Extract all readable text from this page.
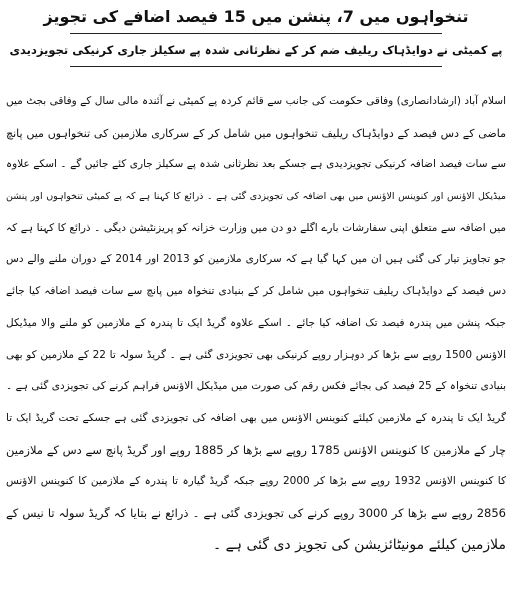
تنخواہوں میں 7، پنشن میں 15 فیصد اضافے کی تجویز
پے کمیٹی نے دوایڈہاک ریلیف ضم کر کے نظرثانی شدہ پے سکیلز جاری کرنیکی تجویزدیدی
اسلام آباد (ارشادانصاری) وفاقی حکومت کی جانب سے قائم کردہ پے کمیٹی نے آئندہ مالی سال کے وفاقی بجٹ میں
ماضی کے دس فیصد کے دوایڈہاک ریلیف تنخواہوں میں شامل کر کے سرکاری ملازمین کی تنخواہوں میں پانچ
سے سات فیصد اضافہ کرنیکی تجویزدیدی ہے جسکے بعد نظرثانی شدہ پے سکیلز جاری کئے جائیں گے ۔ اسکے علاوہ
میڈیکل الاؤنس اور کنوینس الاؤنس میں بھی اضافہ کی تجویزدی گئی ہے ۔ ذرائع کا کہنا ہے کہ پے کمیٹی تنخواہوں اور پنشن
میں اضافہ سے متعلق اپنی سفارشات بارے اگلے دو دن میں وزارت خزانہ کو پریزنٹیشن دیگی ۔ ذرائع کا کہنا ہے کہ
جو تجاویز تیار کی گئی ہیں ان میں کہا گیا ہے کہ سرکاری ملازمین کو 2013 اور 2014 کے دوران ملنے والے دس
دس فیصد کے دوایڈہاک ریلیف تنخواہوں میں شامل کر کے بنیادی تنخواہ میں پانچ سے سات فیصد اضافہ کیا جائے
جبکہ پنشن میں پندرہ فیصد تک اضافہ کیا جائے ۔ اسکے علاوہ گریڈ ایک تا پندرہ کے ملازمین کو ملنے والا میڈیکل
الاؤنس 1500 روپے سے بڑھا کر دوہزار روپے کرنیکی بھی تجویزدی گئی ہے ۔ گریڈ سولہ تا 22 کے ملازمین کو بھی
بنیادی تنخواہ کے 25 فیصد کی بجائے فکس رقم کی صورت میں میڈیکل الاؤنس فراہم کرنے کی تجویزدی گئی ہے ۔
گریڈ ایک تا پندرہ کے ملازمین کیلئے کنوینس الاؤنس میں بھی اضافہ کی تجویزدی گئی ہے جسکے تحت گریڈ ایک تا
چار کے ملازمین کا کنوینس الاؤنس 1785 روپے سے بڑھا کر 1885 روپے اور گریڈ پانچ سے دس کے ملازمین
کا کنوینس الاؤنس 1932 روپے سے بڑھا کر 2000 روپے جبکہ گریڈ گیارہ تا پندرہ کے ملازمین کا کنوینس الاؤنس
2856 روپے سے بڑھا کر 3000 روپے کرنے کی تجویزدی گئی ہے ۔ ذرائع نے بتایا کہ گریڈ سولہ تا نیس کے
ملازمین کیلئے مونیٹائزیشن کی تجویز دی گئی ہے ۔
